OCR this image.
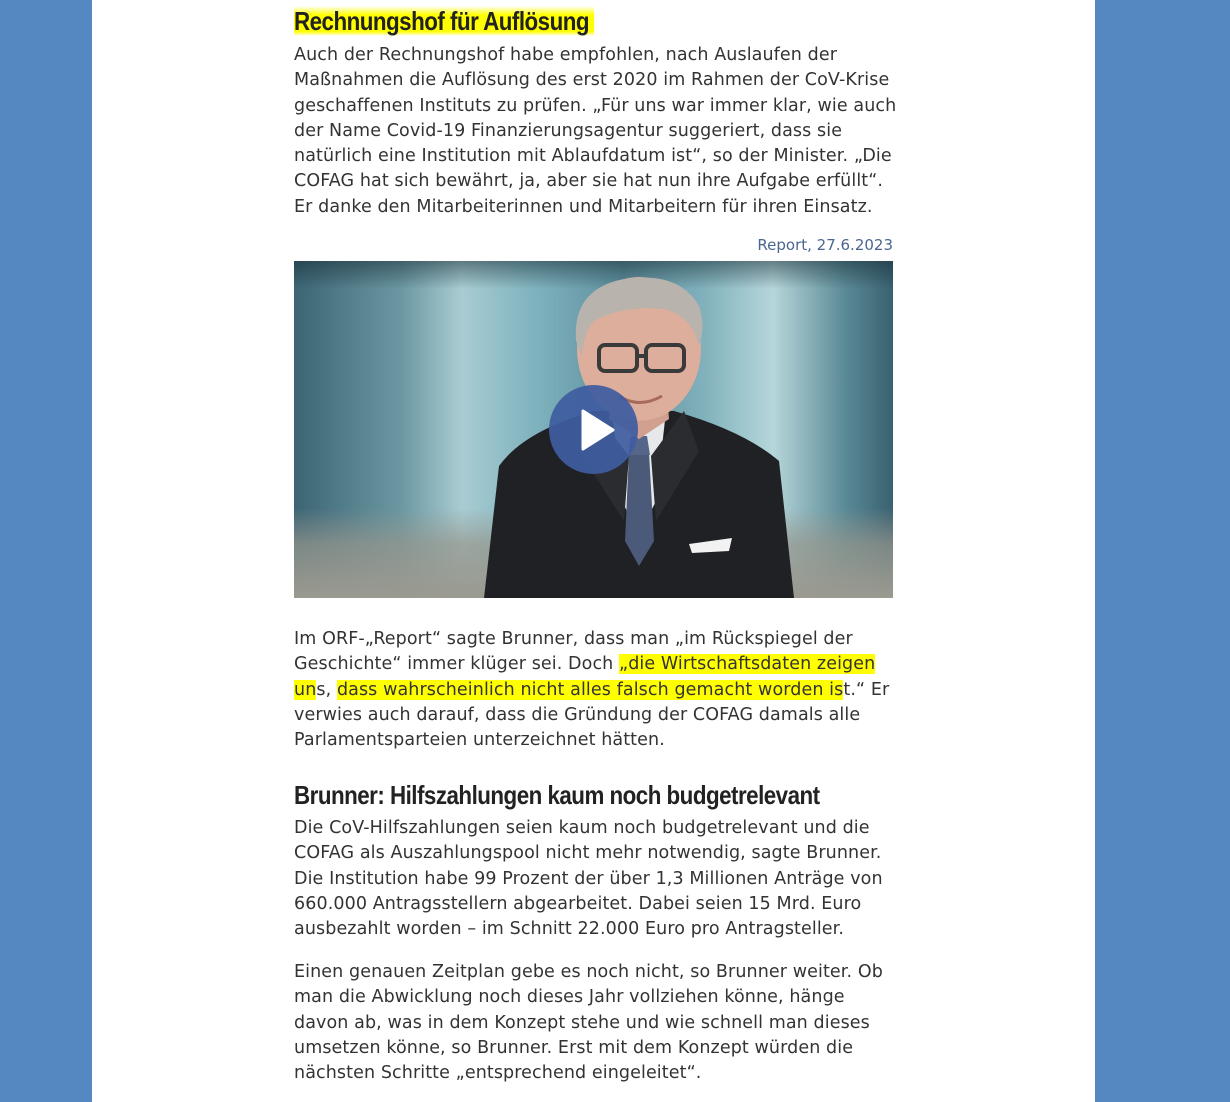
Rechnungshof für Auflösung

Auch der Rechnungshof habe empfohlen, nach Auslaufen der Maßnahmen die Auflösung des erst 2020 im Rahmen der CoV-Krise geschaffenen Instituts zu prüfen. „Für uns war immer klar, wie auch der Name Covid-19 Finanzierungsagentur suggeriert, dass sie natürlich eine Institution mit Ablaufdatum ist“, so der Minister. „Die COFAG hat sich bewährt, ja, aber sie hat nun ihre Aufgabe erfüllt“. Er danke den Mitarbeiterinnen und Mitarbeitern für ihren Einsatz.

Report, 27.6.2023

Im ORF-„Report“ sagte Brunner, dass man „im Rückspiegel der Geschichte“ immer klüger sei. Doch „die Wirtschaftsdaten zeigen uns, dass wahrscheinlich nicht alles falsch gemacht worden ist.“ Er verwies auch darauf, dass die Gründung der COFAG damals alle Parlamentsparteien unterzeichnet hätten.

Brunner: Hilfszahlungen kaum noch budgetrelevant

Die CoV-Hilfszahlungen seien kaum noch budgetrelevant und die COFAG als Auszahlungspool nicht mehr notwendig, sagte Brunner. Die Institution habe 99 Prozent der über 1,3 Millionen Anträge von 660.000 Antragsstellern abgearbeitet. Dabei seien 15 Mrd. Euro ausbezahlt worden – im Schnitt 22.000 Euro pro Antragsteller.

Einen genauen Zeitplan gebe es noch nicht, so Brunner weiter. Ob man die Abwicklung noch dieses Jahr vollziehen könne, hänge davon ab, was in dem Konzept stehe und wie schnell man dieses umsetzen könne, so Brunner. Erst mit dem Konzept würden die nächsten Schritte „entsprechend eingeleitet“.
